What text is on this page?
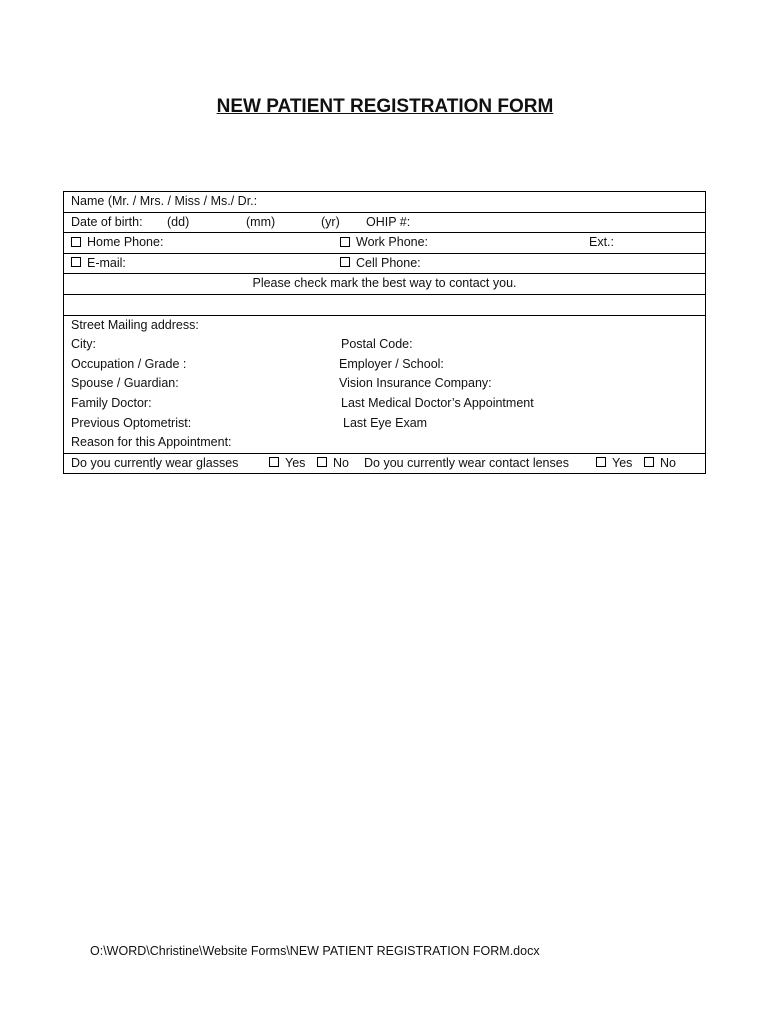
NEW PATIENT REGISTRATION FORM
Name (Mr. / Mrs. / Miss / Ms./ Dr.:
Date of birth: (dd)	(mm)	(yr) OHIP #:
Home Phone:	Work Phone:	Ext.:
E-mail:	Cell Phone:
Please check mark the best way to contact you.
Street Mailing address:
City:	Postal Code:
Occupation / Grade :	Employer / School:
Spouse / Guardian:	Vision Insurance Company:
Family Doctor:	Last Medical Doctor’s Appointment
Previous Optometrist:	Last Eye Exam
Reason for this Appointment:
Do you currently wear glasses	Yes	No Do you currently wear contact lenses	Yes	No
O:\WORD\Christine\Website Forms\NEW PATIENT REGISTRATION FORM.docx
